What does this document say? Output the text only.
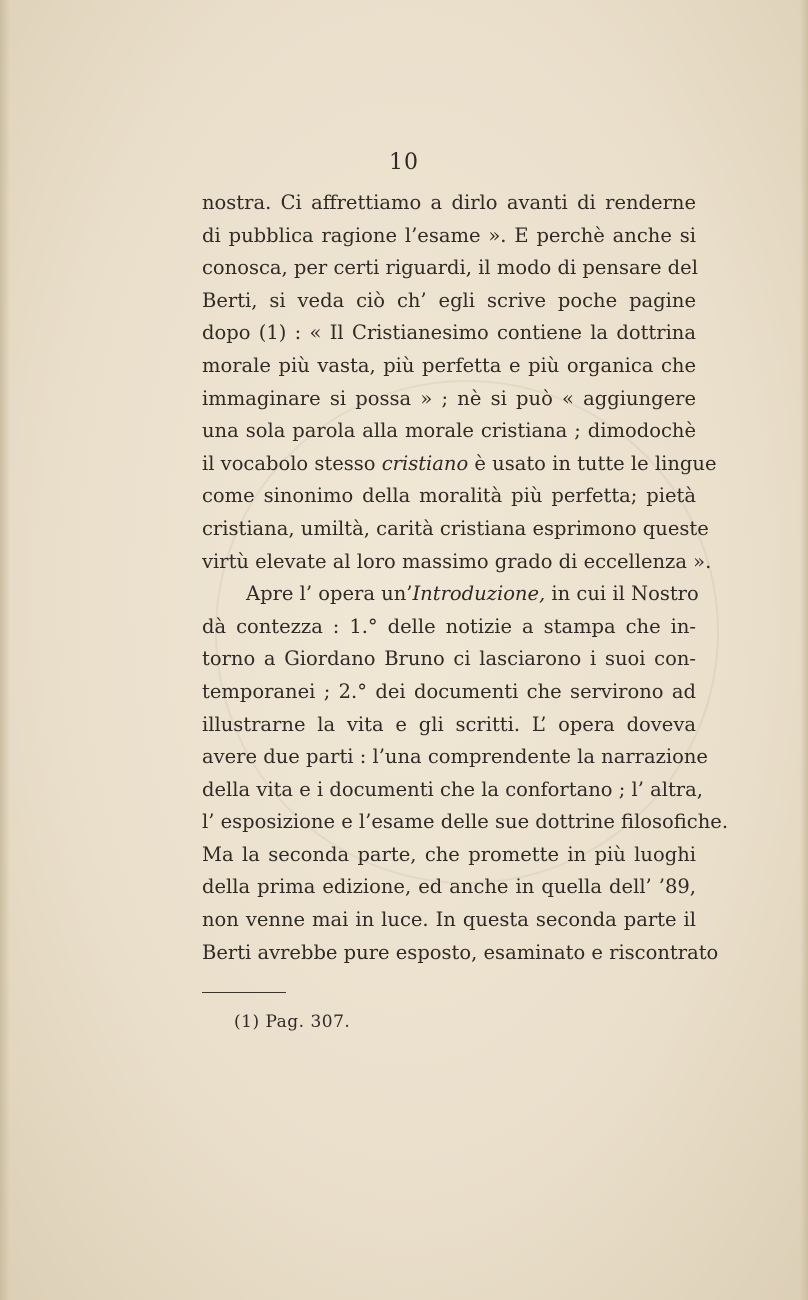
10
nostra. Ci affrettiamo a dirlo avanti di renderne
di pubblica ragione l’esame ». E perchè anche si
conosca, per certi riguardi, il modo di pensare del
Berti, si veda ciò ch’ egli scrive poche pagine
dopo (1) : « Il Cristianesimo contiene la dottrina
morale più vasta, più perfetta e più organica che
immaginare si possa » ; nè si può « aggiungere
una sola parola alla morale cristiana ; dimodochè
il vocabolo stesso cristiano è usato in tutte le lingue
come sinonimo della moralità più perfetta; pietà
cristiana, umiltà, carità cristiana esprimono queste
virtù elevate al loro massimo grado di eccellenza ».
Apre l’ opera un’Introduzione, in cui il Nostro
dà contezza : 1.° delle notizie a stampa che in-
torno a Giordano Bruno ci lasciarono i suoi con-
temporanei ; 2.° dei documenti che servirono ad
illustrarne la vita e gli scritti. L’ opera doveva
avere due parti : l’una comprendente la narrazione
della vita e i documenti che la confortano ; l’ altra,
l’ esposizione e l’esame delle sue dottrine filosofiche.
Ma la seconda parte, che promette in più luoghi
della prima edizione, ed anche in quella dell’ ’89,
non venne mai in luce. In questa seconda parte il
Berti avrebbe pure esposto, esaminato e riscontrato
(1) Pag. 307.
